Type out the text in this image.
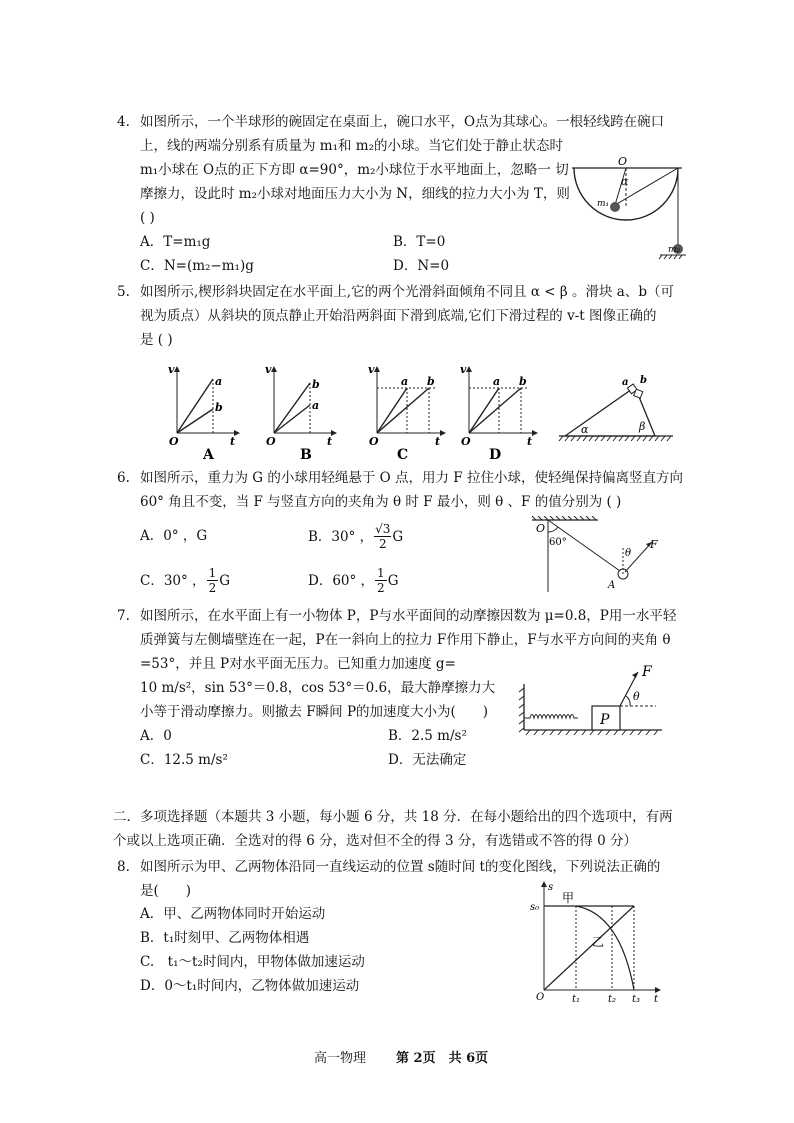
4. 如图所示，一个半球形的碗固定在桌面上，碗口水平，O点为其球心。一根轻线跨在碗口
上，线的两端分别系有质量为 m₁和 m₂的小球。当它们处于静止状态时
m₁小球在 O点的正下方即 α=90°，m₂小球位于水平地面上，忽略一 切
摩擦力，设此时 m₂小球对地面压力大小为 N，细线的拉力大小为 T，则
( )
A．T=m₁g	B．T=0
C．N=(m₂−m₁)g	D．N=0
O
α
m₁
m₂
5. 如图所示,楔形斜块固定在水平面上,它的两个光滑斜面倾角不同且 α < β 。滑块 a、b（可
视为质点）从斜块的顶点静止开始沿两斜面下滑到底端,它们下滑过程的 v-t 图像正确的
是 ( )
v
t
O
a
b
A
v
t
O
b
a
B
v
t
O
a b
C
v
t
O
a b
D
a b
α	β
6. 如图所示，重力为 G 的小球用轻绳悬于 O 点，用力 F 拉住小球，使轻绳保持偏离竖直方向
60° 角且不变，当 F 与竖直方向的夹角为 θ 时 F 最小，则 θ 、F 的值分别为 ( )
A．0° ，G	B．30° ， √3
2 G
C．30° ， 1
2 G	D．60° ， 1
2 G
O
60°
θ
F
A
7. 如图所示，在水平面上有一小物体 P，P与水平面间的动摩擦因数为 μ=0.8，P用一水平轻
质弹簧与左侧墙壁连在一起，P在一斜向上的拉力 F作用下静止，F与水平方向间的夹角 θ
=53°，并且 P对水平面无压力。已知重力加速度 g=
10 m/s²，sin 53°＝0.8，cos 53°＝0.6，最大静摩擦力大
小等于滑动摩擦力。则撤去 F瞬间 P的加速度大小为(　　)
A．0	B．2.5 m/s²
C．12.5 m/s²	D．无法确定
P
F
θ
二．多项选择题（本题共 3 小题，每小题 6 分，共 18 分．在每小题给出的四个选项中，有两
个或以上选项正确．全选对的得 6 分，选对但不全的得 3 分，有选错或不答的得 0 分）
8. 如图所示为甲、乙两物体沿同一直线运动的位置 s随时间 t的变化图线，下列说法正确的
是(　　)
A．甲、乙两物体同时开始运动
B．t₁时刻甲、乙两物体相遇
C.　t₁～t₂时间内，甲物体做加速运动
D．0～t₁时间内，乙物体做加速运动
s
s₀
甲
乙
O	t₁	t₂ t₃ t
高一物理 第 2页　共 6页
